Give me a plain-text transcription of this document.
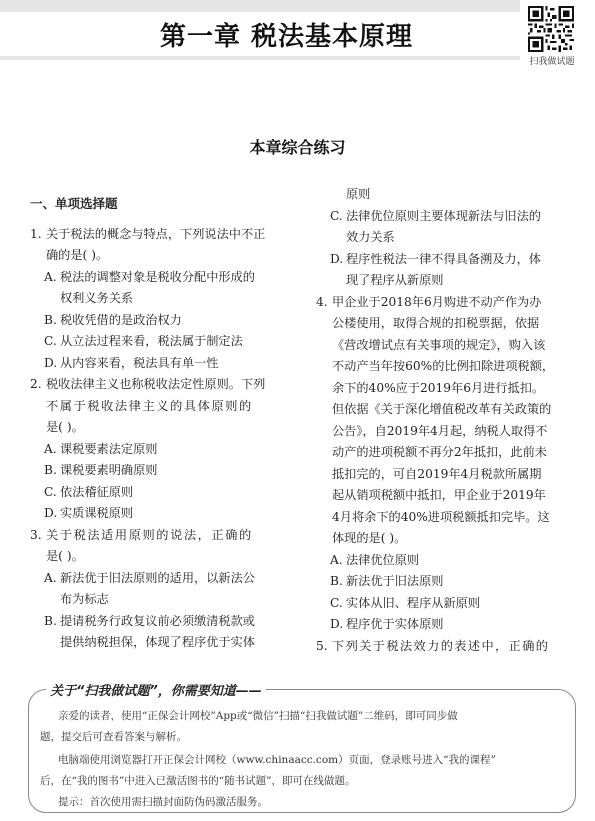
第一章 税法基本原理
扫我做试题
本章综合练习
一、单项选择题
1. 关于税法的概念与特点，下列说法中不正
确的是( )。
A. 税法的调整对象是税收分配中形成的
权利义务关系
B. 税收凭借的是政治权力
C. 从立法过程来看，税法属于制定法
D. 从内容来看，税法具有单一性
2. 税收法律主义也称税收法定性原则。下列
不属于税收法律主义的具体原则的
是( )。
A. 课税要素法定原则
B. 课税要素明确原则
C. 依法稽征原则
D. 实质课税原则
3. 关于税法适用原则的说法，正确的
是( )。
A. 新法优于旧法原则的适用，以新法公
布为标志
B. 提请税务行政复议前必须缴清税款或
提供纳税担保，体现了程序优于实体
原则
C. 法律优位原则主要体现新法与旧法的
效力关系
D. 程序性税法一律不得具备溯及力，体
现了程序从新原则
4. 甲企业于2018年6月购进不动产作为办
公楼使用，取得合规的扣税票据，依据
《营改增试点有关事项的规定》，购入该
不动产当年按60%的比例扣除进项税额，
余下的40%应于2019年6月进行抵扣。
但依据《关于深化增值税改革有关政策的
公告》，自2019年4月起，纳税人取得不
动产的进项税额不再分2年抵扣，此前未
抵扣完的，可自2019年4月税款所属期
起从销项税额中抵扣，甲企业于2019年
4月将余下的40%进项税额抵扣完毕。这
体现的是( )。
A. 法律优位原则
B. 新法优于旧法原则
C. 实体从旧、程序从新原则
D. 程序优于实体原则
5. 下列关于税法效力的表述中，正确的
关于“扫我做试题”，你需要知道——
亲爱的读者，使用“正保会计网校”App或“微信”扫描“扫我做试题”二维码，即可同步做
题，提交后可查看答案与解析。
电脑端使用浏览器打开正保会计网校（www.chinaacc.com）页面，登录账号进入“我的课程”
后，在“我的图书”中进入已激活图书的“随书试题”，即可在线做题。
提示：首次使用需扫描封面防伪码激活服务。
